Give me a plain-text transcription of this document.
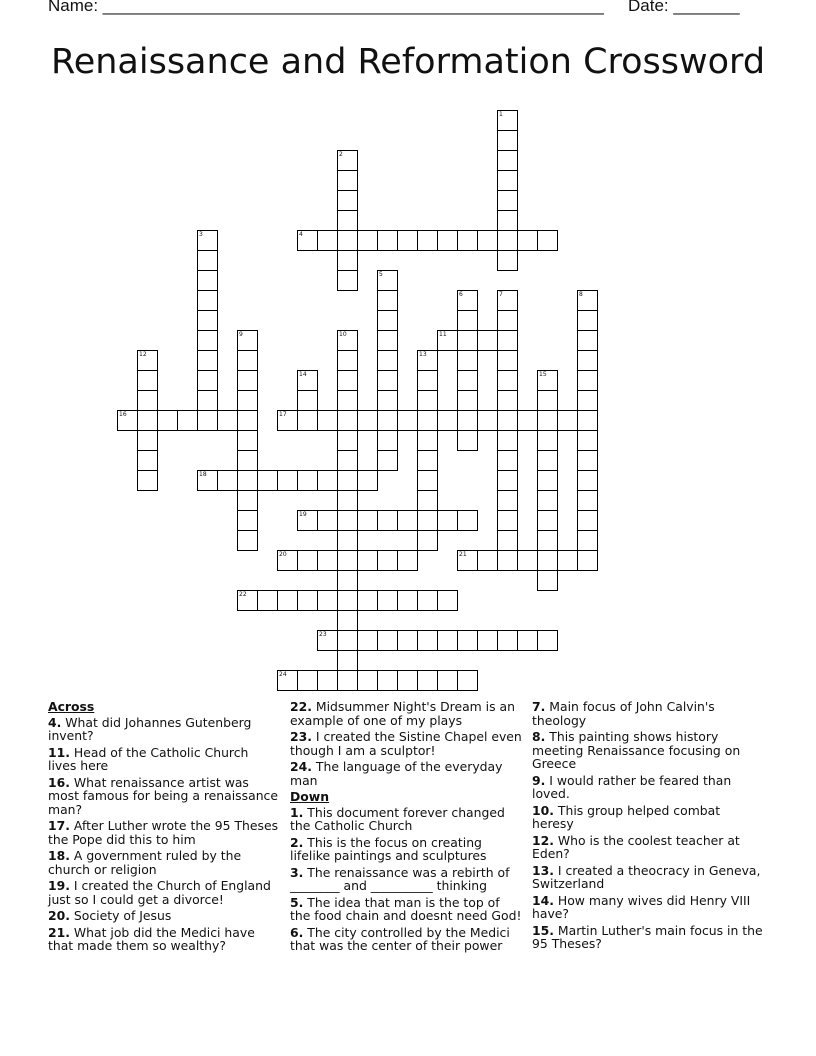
Name: _____________________________________________________ Date: _______
Renaissance and Reformation Crossword
1
2
3	4
5
6	7	8
9	10	11
12	13
14	15
16	17
18
19
20	21
22
23
24
Across
4. What did Johannes Gutenberg invent?
11. Head of the Catholic Church lives here
16. What renaissance artist was most famous for being a renaissance man?
17. After Luther wrote the 95 Theses the Pope did this to him
18. A government ruled by the church or religion
19. I created the Church of England just so I could get a divorce!
20. Society of Jesus
21. What job did the Medici have that made them so wealthy?
22. Midsummer Night's Dream is an example of one of my plays
23. I created the Sistine Chapel even though I am a sculptor!
24. The language of the everyday man
Down
1. This document forever changed the Catholic Church
2. This is the focus on creating lifelike paintings and sculptures
3. The renaissance was a rebirth of ________ and __________ thinking
5. The idea that man is the top of the food chain and doesnt need God!
6. The city controlled by the Medici that was the center of their power
7. Main focus of John Calvin's theology
8. This painting shows history meeting Renaissance focusing on Greece
9. I would rather be feared than loved.
10. This group helped combat heresy
12. Who is the coolest teacher at Eden?
13. I created a theocracy in Geneva, Switzerland
14. How many wives did Henry VIII have?
15. Martin Luther's main focus in the 95 Theses?
